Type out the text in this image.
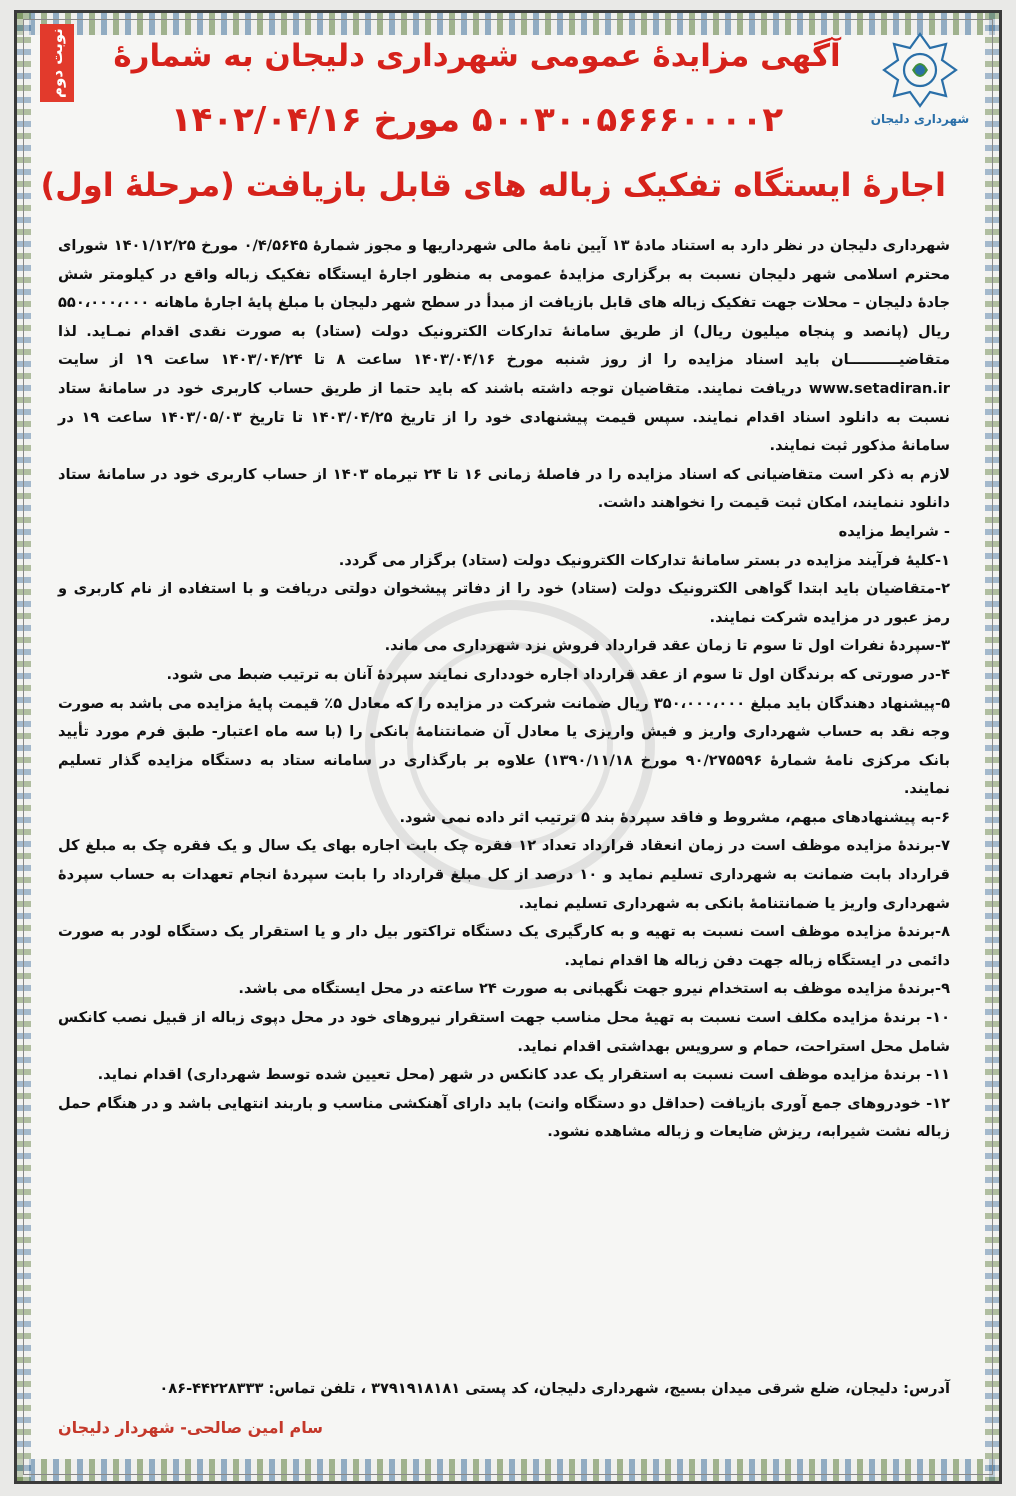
نوبت دوم
شهرداری دلیجان
آگهی مزایدۀ عمومی شهرداری دلیجان به شمارۀ
۵۰۰۳۰۰۵۶۶۶۰۰۰۰۲ مورخ ۱۴۰۲/۰۴/۱۶
اجارۀ ایستگاه تفکیک زباله های قابل بازیافت (مرحلۀ اول)

شهرداری دلیجان در نظر دارد به استناد مادۀ ۱۳ آیین نامۀ مالی شهرداریها و مجوز شمارۀ ۰/۴/۵۶۴۵ مورخ ۱۴۰۱/۱۲/۲۵ شورای محترم اسلامی شهر دلیجان نسبت به برگزاری مزایدۀ عمومی به منظور اجارۀ ایستگاه تفکیک زباله واقع در کیلومتر شش جادۀ دلیجان – محلات جهت تفکیک زباله های قابل بازیافت از مبدأ در سطح شهر دلیجان با مبلغ پایۀ اجارۀ ماهانه ۵۵۰،۰۰۰،۰۰۰ ریال (پانصد و پنجاه میلیون ریال) از طریق سامانۀ تدارکات الکترونیک دولت (ستاد) به صورت نقدی اقدام نمـاید. لذا متقاضیــــــــــان باید اسناد مزایده را از روز شنبه مورخ ۱۴۰۳/۰۴/۱۶ ساعت ۸ تا ۱۴۰۳/۰۴/۲۴ ساعت ۱۹ از سایت www.setadiran.ir دریافت نمایند. متقاضیان توجه داشته باشند که باید حتما از طریق حساب کاربری خود در سامانۀ ستاد نسبت به دانلود اسناد اقدام نمایند. سپس قیمت پیشنهادی خود را از تاریخ ۱۴۰۳/۰۴/۲۵ تا تاریخ ۱۴۰۳/۰۵/۰۳ ساعت ۱۹ در سامانۀ مذکور ثبت نمایند.

لازم به ذکر است متقاضیانی که اسناد مزایده را در فاصلۀ زمانی ۱۶ تا ۲۴ تیرماه ۱۴۰۳ از حساب کاربری خود در سامانۀ ستاد دانلود ننمایند، امکان ثبت قیمت را نخواهند داشت.

- شرایط مزایده

۱-کلیۀ فرآیند مزایده در بستر سامانۀ تدارکات الکترونیک دولت (ستاد) برگزار می گردد.

۲-متقاضیان باید ابتدا گواهی الکترونیک دولت (ستاد) خود را از دفاتر پیشخوان دولتی دریافت و با استفاده از نام کاربری و رمز عبور در مزایده شرکت نمایند.

۳-سپردۀ نفرات اول تا سوم تا زمان عقد قرارداد فروش نزد شهرداری می ماند.

۴-در صورتی که برندگان اول تا سوم از عقد قرارداد اجاره خودداری نمایند سپردۀ آنان به ترتیب ضبط می شود.

۵-پیشنهاد دهندگان باید مبلغ ۳۵۰،۰۰۰،۰۰۰ ریال ضمانت شرکت در مزایده را که معادل ۵٪ قیمت پایۀ مزایده می باشد به صورت وجه نقد به حساب شهرداری واریز و فیش واریزی یا معادل آن ضمانتنامۀ بانکی را (با سه ماه اعتبار- طبق فرم مورد تأیید بانک مرکزی نامۀ شمارۀ ۹۰/۲۷۵۵۹۶ مورخ ۱۳۹۰/۱۱/۱۸) علاوه بر بارگذاری در سامانه ستاد به دستگاه مزایده گذار تسلیم نمایند.

۶-به پیشنهادهای مبهم، مشروط و فاقد سپردۀ بند ۵ ترتیب اثر داده نمی شود.

۷-برندۀ مزایده موظف است در زمان انعقاد قرارداد تعداد ۱۲ فقره چک بابت اجاره بهای یک سال و یک فقره چک به مبلغ کل قرارداد بابت ضمانت به شهرداری تسلیم نماید و ۱۰ درصد از کل مبلغ قرارداد را بابت سپردۀ انجام تعهدات به حساب سپردۀ شهرداری واریز یا ضمانتنامۀ بانکی به شهرداری تسلیم نماید.

۸-برندۀ مزایده موظف است نسبت به تهیه و به کارگیری یک دستگاه تراکتور بیل دار و یا استقرار یک دستگاه لودر به صورت دائمی در ایستگاه زباله جهت دفن زباله ها اقدام نماید.

۹-برندۀ مزایده موظف به استخدام نیرو جهت نگهبانی به صورت ۲۴ ساعته در محل ایستگاه می باشد.

۱۰- برندۀ مزایده مکلف است نسبت به تهیۀ محل مناسب جهت استقرار نیروهای خود در محل دپوی زباله از قبیل نصب کانکس شامل محل استراحت، حمام و سرویس بهداشتی اقدام نماید.

۱۱- برندۀ مزایده موظف است نسبت به استقرار یک عدد کانکس در شهر (محل تعیین شده توسط شهرداری) اقدام نماید.

۱۲- خودروهای جمع آوری بازیافت (حداقل دو دستگاه وانت) باید دارای آهنکشی مناسب و باربند انتهایی باشد و در هنگام حمل زباله نشت شیرابه، ریزش ضایعات و زباله مشاهده نشود.

آدرس: دلیجان، ضلع شرقی میدان بسیج، شهرداری دلیجان، کد پستی ۳۷۹۱۹۱۸۱۸۱ ، تلفن تماس: ۴۴۲۲۸۳۳۳-۰۸۶
سام امین صالحی- شهردار دلیجان
